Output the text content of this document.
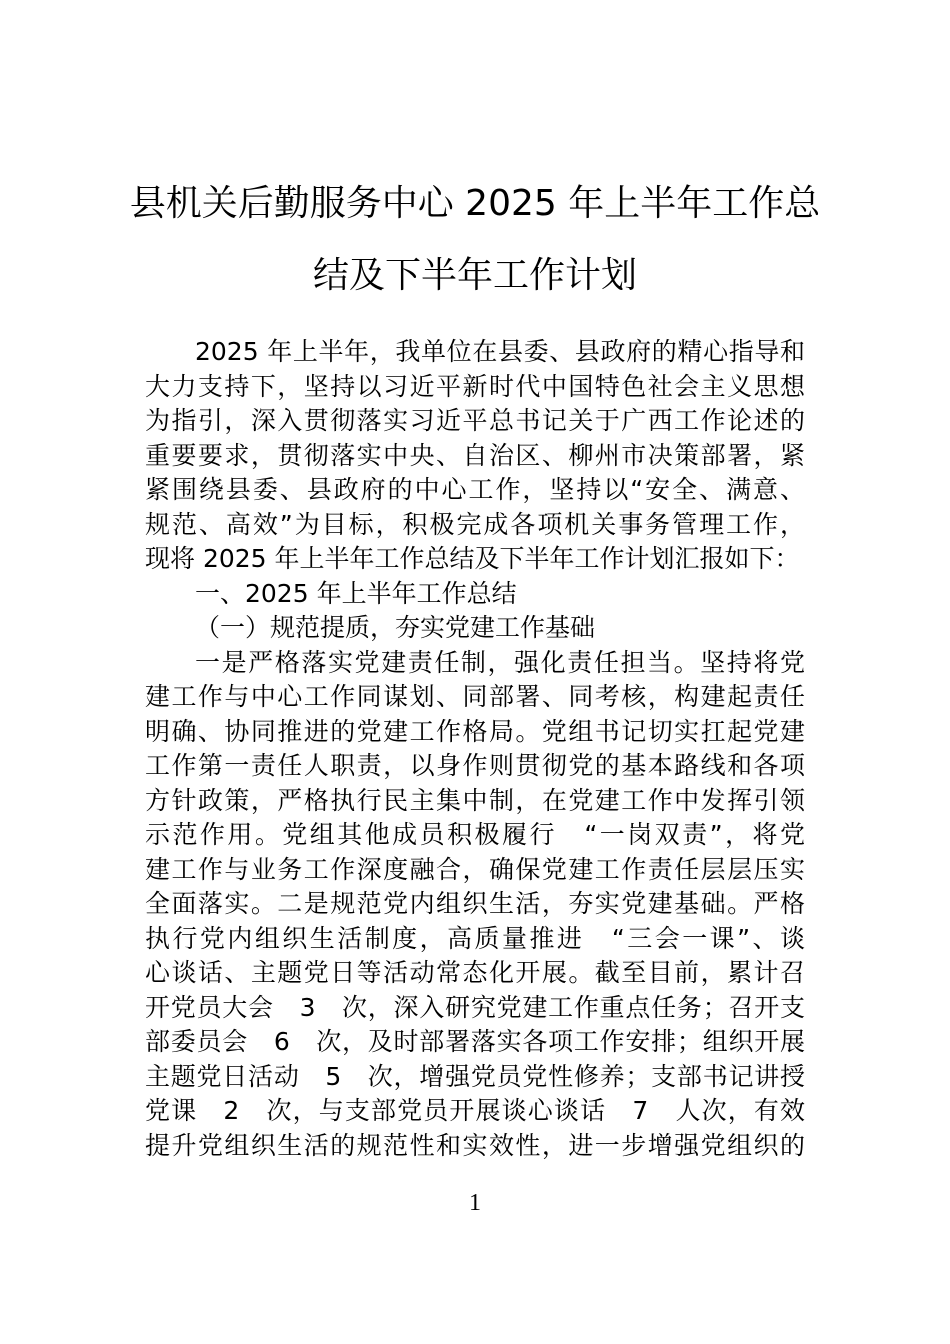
县机关后勤服务中心 2025 年上半年工作总
结及下半年工作计划
2025 年上半年，我单位在县委、县政府的精心指导和
大力支持下，坚持以习近平新时代中国特色社会主义思想
为指引，深入贯彻落实习近平总书记关于广西工作论述的
重要要求，贯彻落实中央、自治区、柳州市决策部署，紧
紧围绕县委、县政府的中心工作，坚持以“安全、满意、
规范、高效”为目标，积极完成各项机关事务管理工作，
现将 2025 年上半年工作总结及下半年工作计划汇报如下：
一、2025 年上半年工作总结
（一）规范提质，夯实党建工作基础
一是严格落实党建责任制，强化责任担当。坚持将党
建工作与中心工作同谋划、同部署、同考核，构建起责任
明确、协同推进的党建工作格局。党组书记切实扛起党建
工作第一责任人职责，以身作则贯彻党的基本路线和各项
方针政策，严格执行民主集中制，在党建工作中发挥引领
示范作用。党组其他成员积极履行　“一岗双责”，将党
建工作与业务工作深度融合，确保党建工作责任层层压实
全面落实。二是规范党内组织生活，夯实党建基础。严格
执行党内组织生活制度，高质量推进　“三会一课”、谈
心谈话、主题党日等活动常态化开展。截至目前，累计召
开党员大会　3　次，深入研究党建工作重点任务；召开支
部委员会　6　次，及时部署落实各项工作安排；组织开展
主题党日活动　5　次，增强党员党性修养；支部书记讲授
党课　2　次，与支部党员开展谈心谈话　7　人次，有效
提升党组织生活的规范性和实效性，进一步增强党组织的
1
